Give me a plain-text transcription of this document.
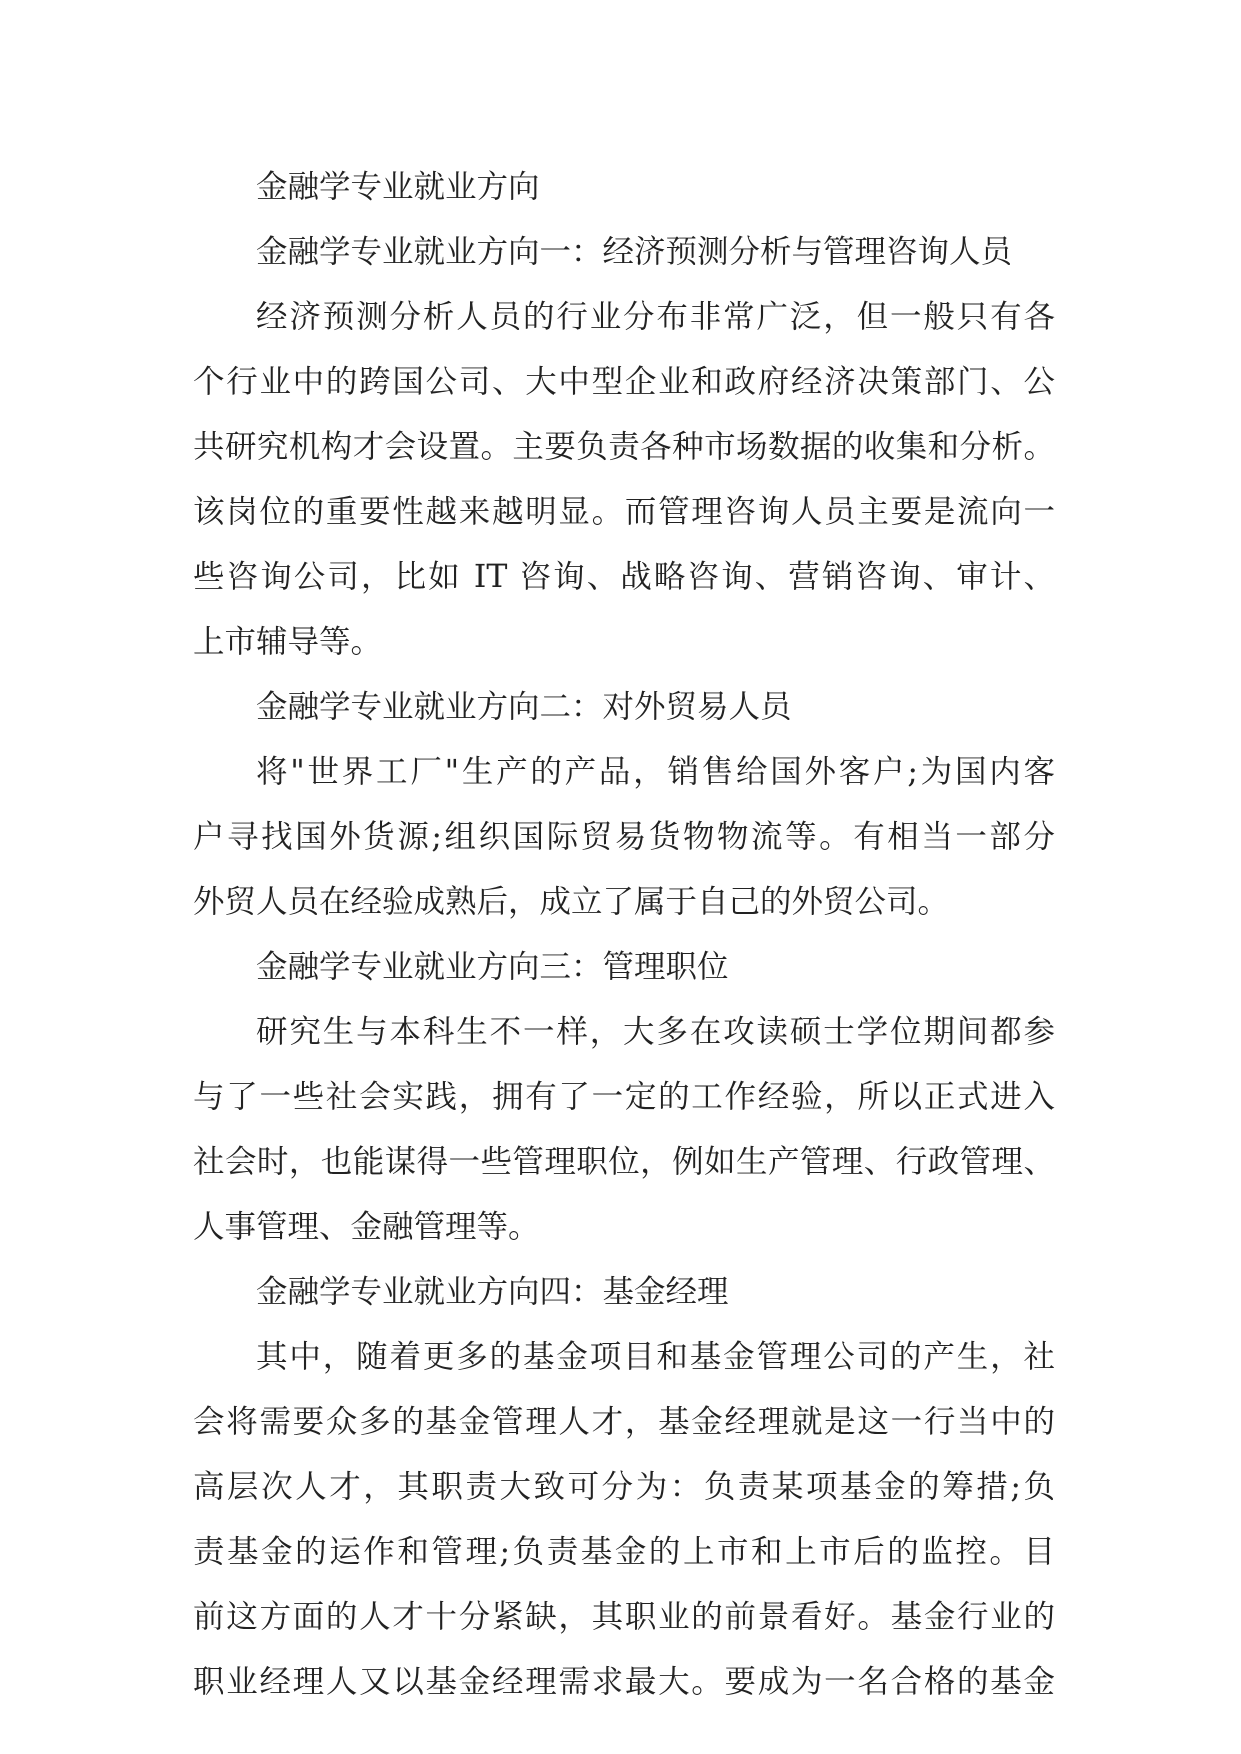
金融学专业就业方向
金融学专业就业方向一：经济预测分析与管理咨询人员
经济预测分析人员的行业分布非常广泛，但一般只有各
个行业中的跨国公司、大中型企业和政府经济决策部门、公
共研究机构才会设置。主要负责各种市场数据的收集和分析。
该岗位的重要性越来越明显。而管理咨询人员主要是流向一
些咨询公司，比如 IT 咨询、战略咨询、营销咨询、审计、
上市辅导等。
金融学专业就业方向二：对外贸易人员
将"世界工厂"生产的产品，销售给国外客户;为国内客
户寻找国外货源;组织国际贸易货物物流等。有相当一部分
外贸人员在经验成熟后，成立了属于自己的外贸公司。
金融学专业就业方向三：管理职位
研究生与本科生不一样，大多在攻读硕士学位期间都参
与了一些社会实践，拥有了一定的工作经验，所以正式进入
社会时，也能谋得一些管理职位，例如生产管理、行政管理、
人事管理、金融管理等。
金融学专业就业方向四：基金经理
其中，随着更多的基金项目和基金管理公司的产生，社
会将需要众多的基金管理人才，基金经理就是这一行当中的
高层次人才，其职责大致可分为：负责某项基金的筹措;负
责基金的运作和管理;负责基金的上市和上市后的监控。目
前这方面的人才十分紧缺，其职业的前景看好。基金行业的
职业经理人又以基金经理需求最大。要成为一名合格的基金
